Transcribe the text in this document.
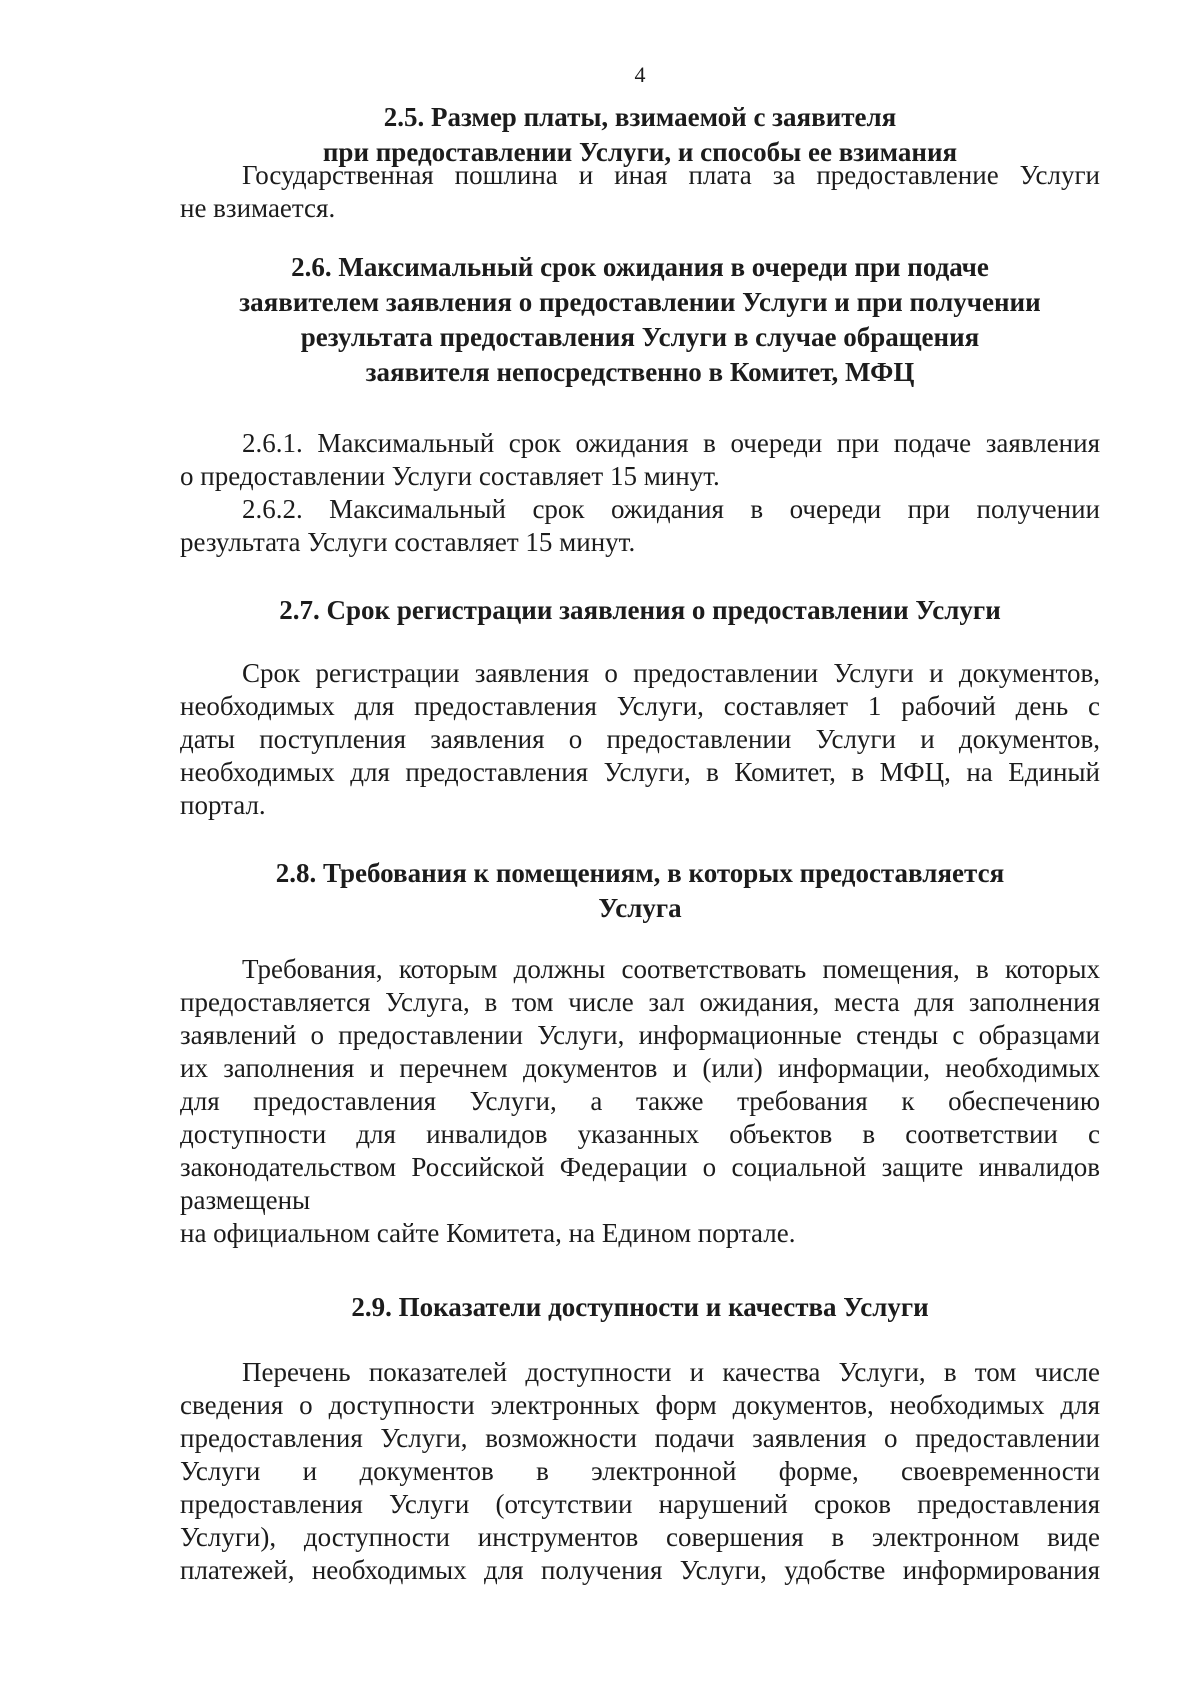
4
2.5. Размер платы, взимаемой с заявителя
при предоставлении Услуги, и способы ее взимания
Государственная пошлина и иная плата за предоставление Услуги
не взимается.
2.6. Максимальный срок ожидания в очереди при подаче
заявителем заявления о предоставлении Услуги и при получении
результата предоставления Услуги в случае обращения
заявителя непосредственно в Комитет, МФЦ
2.6.1. Максимальный срок ожидания в очереди при подаче заявления
о предоставлении Услуги составляет 15 минут.
2.6.2. Максимальный срок ожидания в очереди при получении
результата Услуги составляет 15 минут.
2.7. Срок регистрации заявления о предоставлении Услуги
Срок регистрации заявления о предоставлении Услуги и документов,
необходимых для предоставления Услуги, составляет 1 рабочий день с
даты поступления заявления о предоставлении Услуги и документов,
необходимых для предоставления Услуги, в Комитет, в МФЦ, на Единый
портал.
2.8. Требования к помещениям, в которых предоставляется
Услуга
Требования, которым должны соответствовать помещения, в которых
предоставляется Услуга, в том числе зал ожидания, места для заполнения
заявлений о предоставлении Услуги, информационные стенды с образцами
их заполнения и перечнем документов и (или) информации, необходимых
для предоставления Услуги, а также требования к обеспечению
доступности для инвалидов указанных объектов в соответствии с
законодательством Российской Федерации о социальной защите инвалидов
размещены
на официальном сайте Комитета, на Едином портале.
2.9. Показатели доступности и качества Услуги
Перечень показателей доступности и качества Услуги, в том числе
сведения о доступности электронных форм документов, необходимых для
предоставления Услуги, возможности подачи заявления о предоставлении
Услуги и документов в электронной форме, своевременности
предоставления Услуги (отсутствии нарушений сроков предоставления
Услуги), доступности инструментов совершения в электронном виде
платежей, необходимых для получения Услуги, удобстве информирования
